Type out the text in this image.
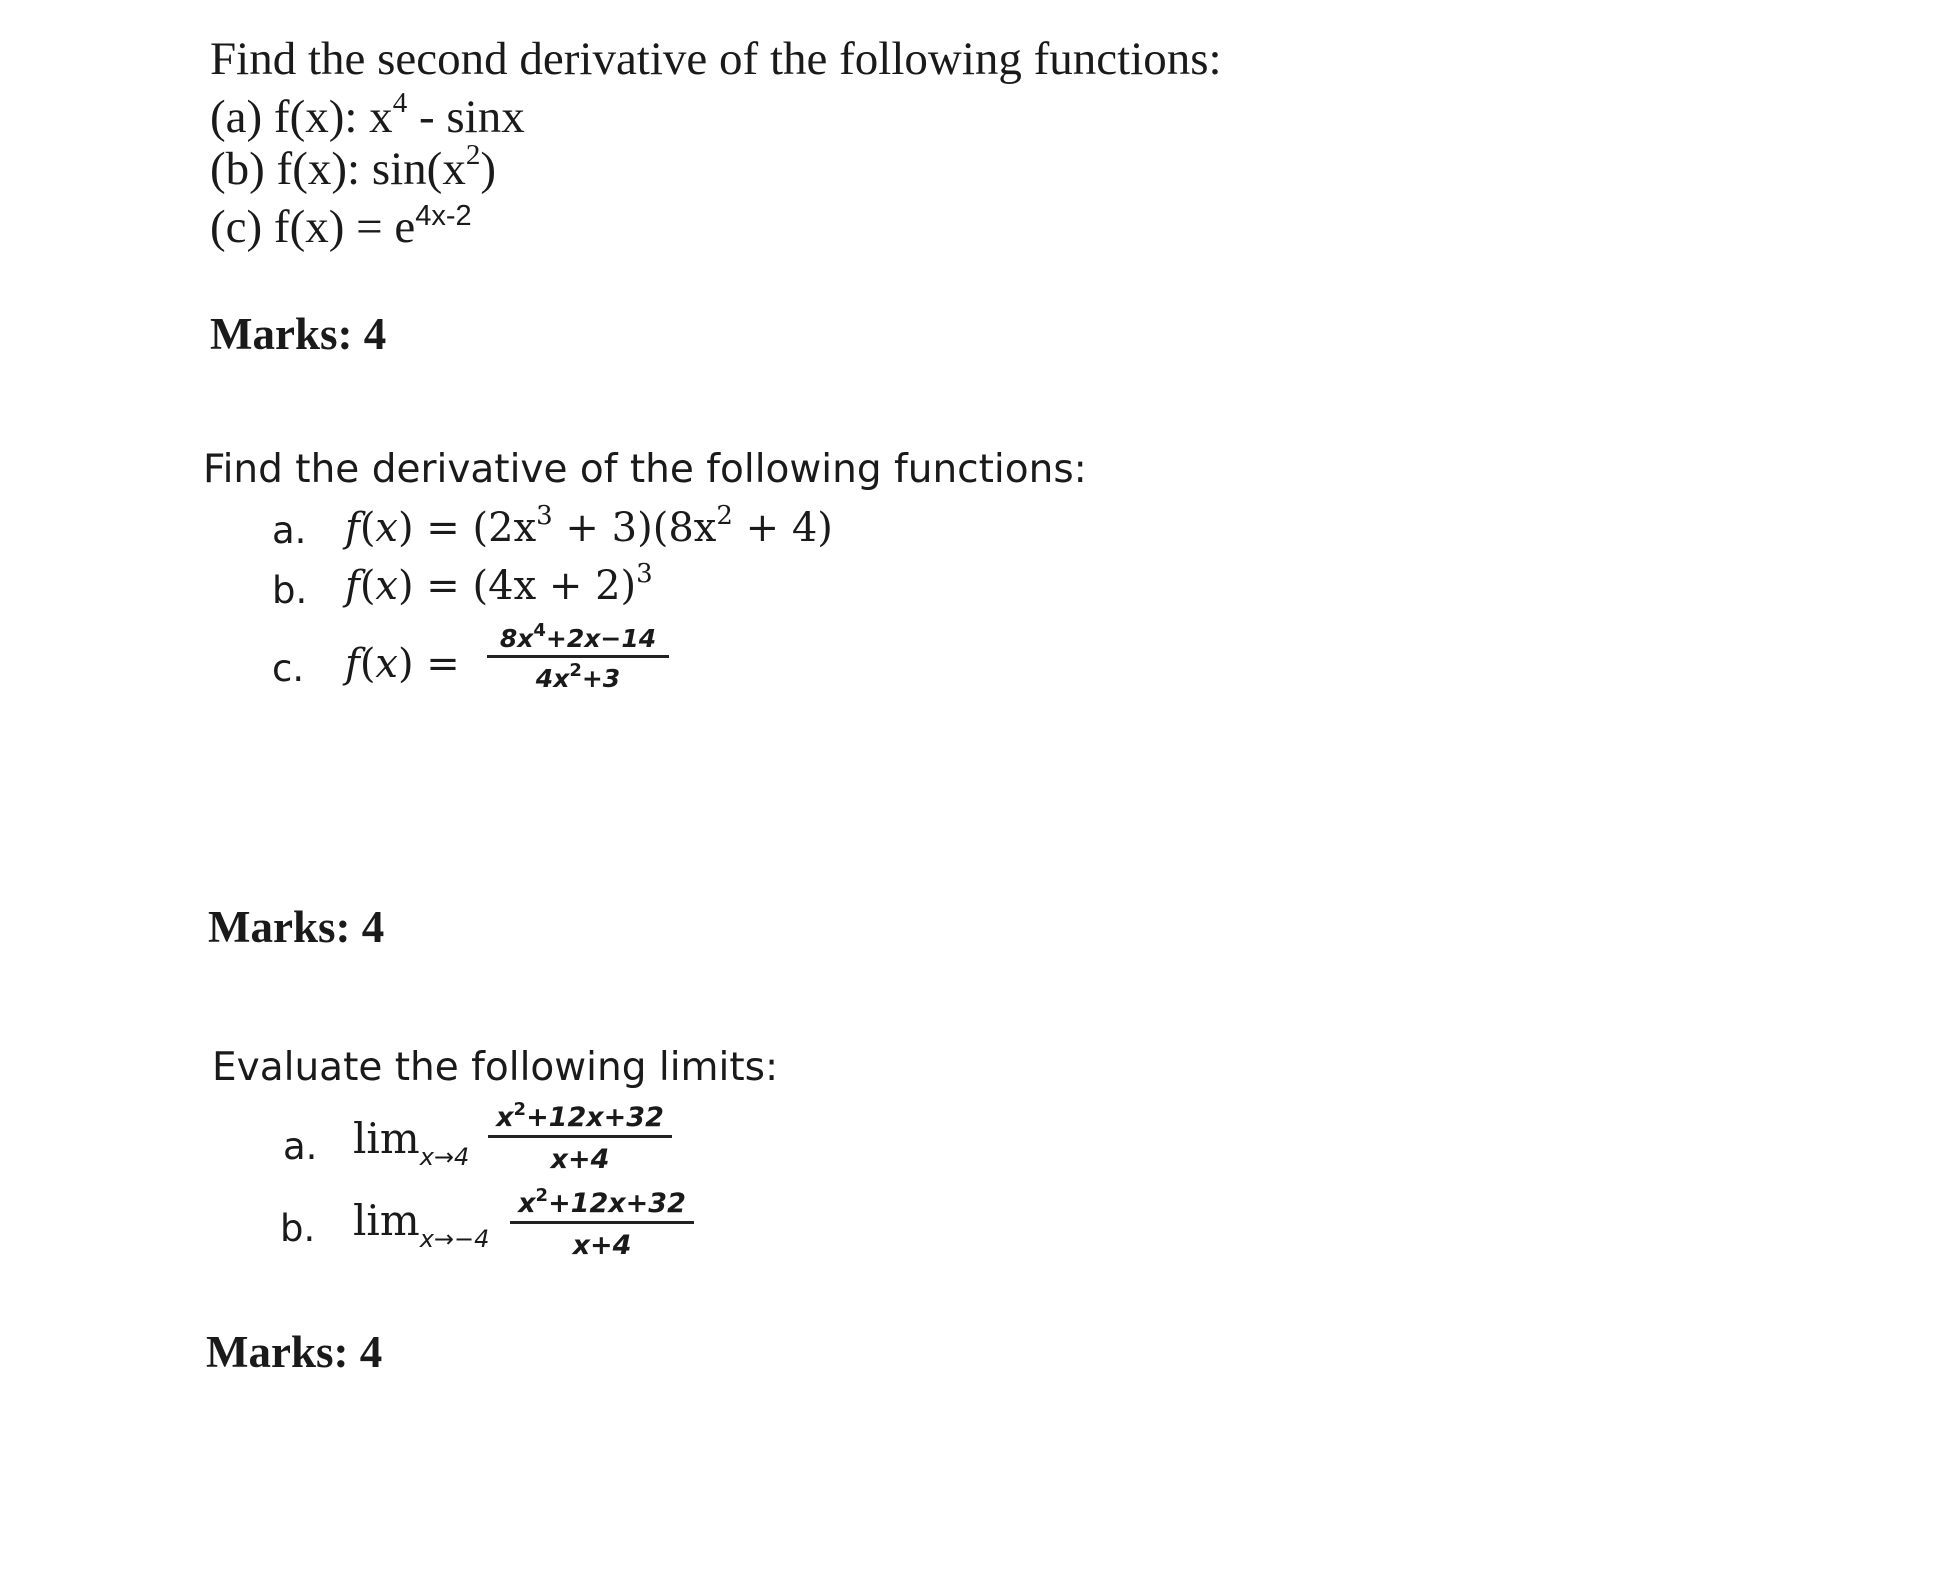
Find the second derivative of the following functions:
(a) f(x): $x^4$ - sinx
(b) f(x): $\sin(x^2)$
(c) $f(x) = e^{4x-2}$
Marks: 4
Find the derivative of the following functions:
a. $f(x) = (2x^3 + 3)(8x^2 + 4)$
b. $f(x) = (4x + 2)^3$
c. f(x) =
$8x^4+2x-14$
$4x^2+3$
Marks: 4
Evaluate the following limits:
a. $\lim_{x\to 4}$
$x^2+12x+32$
x+4
b. $\lim_{x\to-4}$
$x^2+12x+32$
x+4
Marks: 4
